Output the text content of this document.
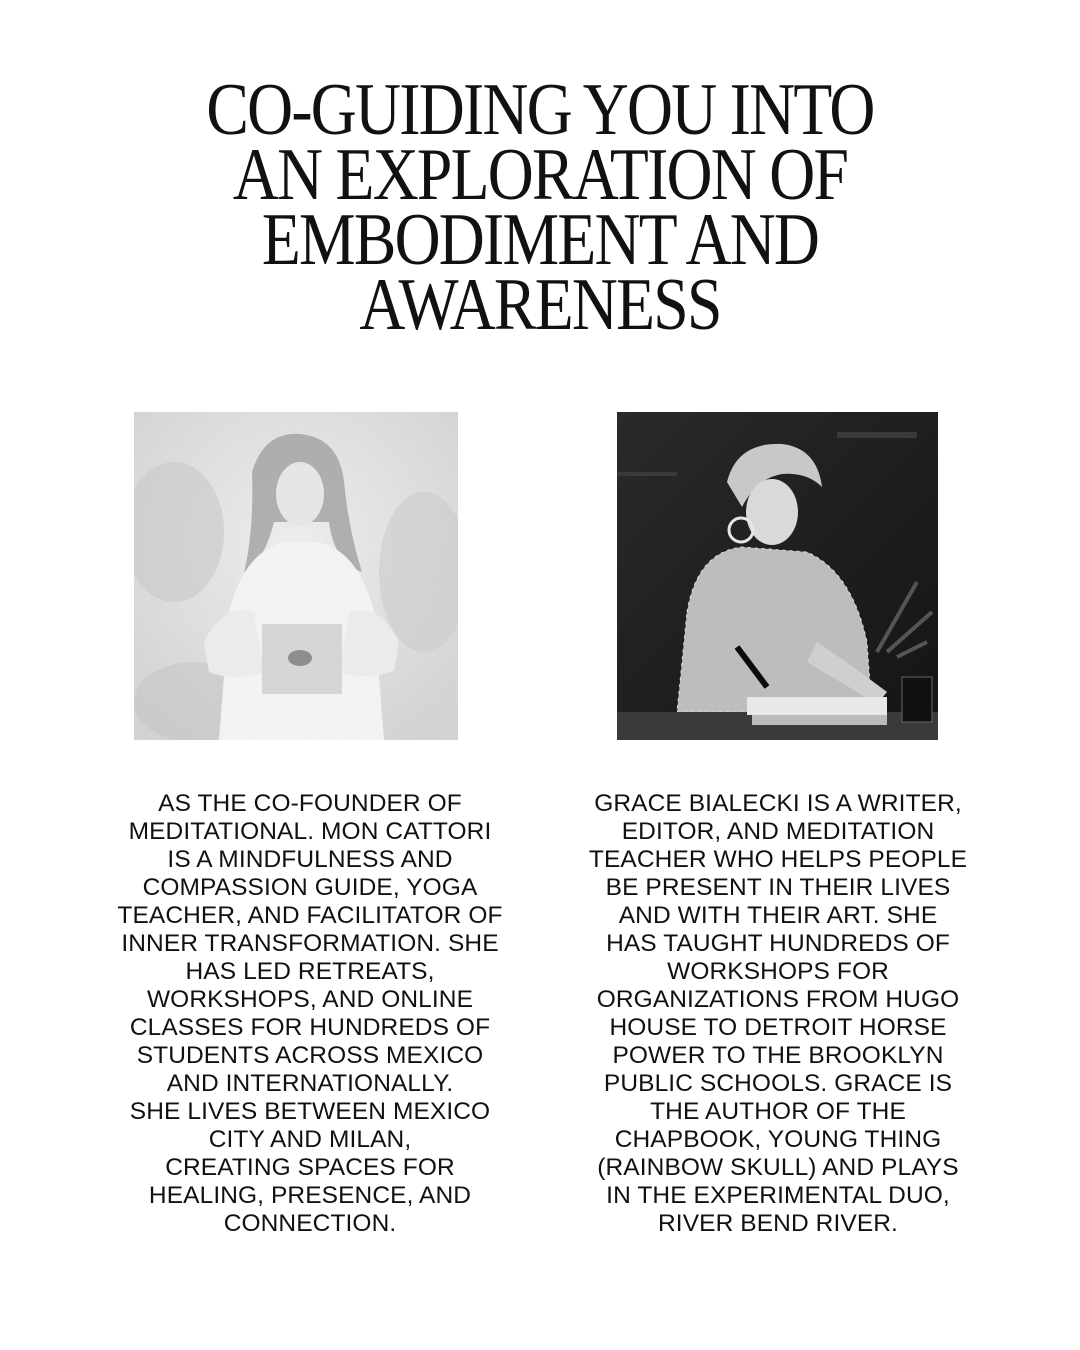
CO-GUIDING YOU INTO
AN EXPLORATION OF
EMBODIMENT AND
AWARENESS
AS THE CO-FOUNDER OF
MEDITATIONAL. MON CATTORI
IS A MINDFULNESS AND
COMPASSION GUIDE, YOGA
TEACHER, AND FACILITATOR OF
INNER TRANSFORMATION. SHE
HAS LED RETREATS,
WORKSHOPS, AND ONLINE
CLASSES FOR HUNDREDS OF
STUDENTS ACROSS MEXICO
AND INTERNATIONALLY.
SHE LIVES BETWEEN MEXICO
CITY AND MILAN,
CREATING SPACES FOR
HEALING, PRESENCE, AND
CONNECTION.
GRACE BIALECKI IS A WRITER,
EDITOR, AND MEDITATION
TEACHER WHO HELPS PEOPLE
BE PRESENT IN THEIR LIVES
AND WITH THEIR ART. SHE
HAS TAUGHT HUNDREDS OF
WORKSHOPS FOR
ORGANIZATIONS FROM HUGO
HOUSE TO DETROIT HORSE
POWER TO THE BROOKLYN
PUBLIC SCHOOLS. GRACE IS
THE AUTHOR OF THE
CHAPBOOK, YOUNG THING
(RAINBOW SKULL) AND PLAYS
IN THE EXPERIMENTAL DUO,
RIVER BEND RIVER.
